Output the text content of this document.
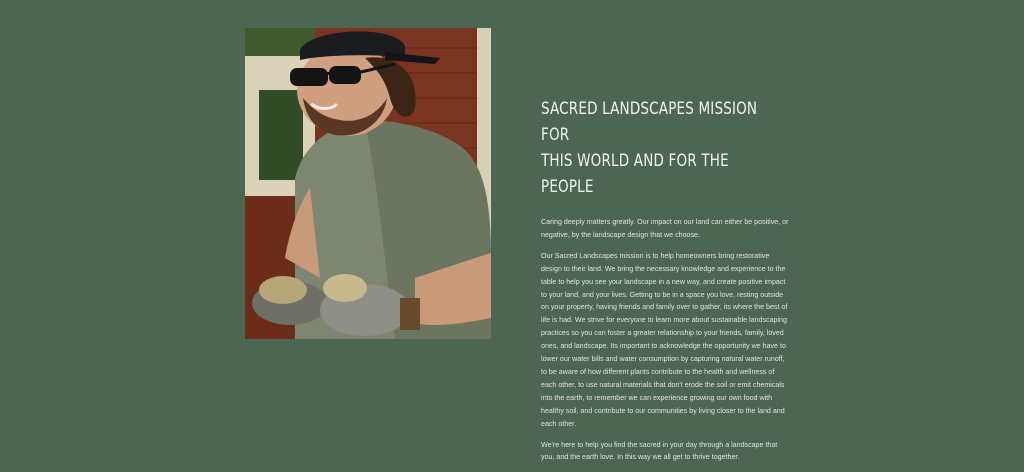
SACRED LANDSCAPES MISSION FOR
THIS WORLD AND FOR THE PEOPLE

Caring deeply matters greatly. Our impact on our land can either be positive, or negative, by the landscape design that we choose.

Our Sacred Landscapes mission is to help homeowners bring restorative design to their land. We bring the necessary knowledge and experience to the table to help you see your landscape in a new way, and create positive impact to your land, and your lives. Getting to be in a space you love, resting outside on your property, having friends and family over to gather, its where the best of life is had. We strive for everyone to learn more about sustainable landscaping practices so you can foster a greater relationship to your friends, family, loved ones, and landscape. Its important to acknowledge the opportunity we have to lower our water bills and water consumption by capturing natural water runoff, to be aware of how different plants contribute to the health and wellness of each other, to use natural materials that don't erode the soil or emit chemicals into the earth, to remember we can experience growing our own food with healthy soil, and contribute to our communities by living closer to the land and each other.

We're here to help you find the sacred in your day through a landscape that you, and the earth love. In this way we all get to thrive together.
